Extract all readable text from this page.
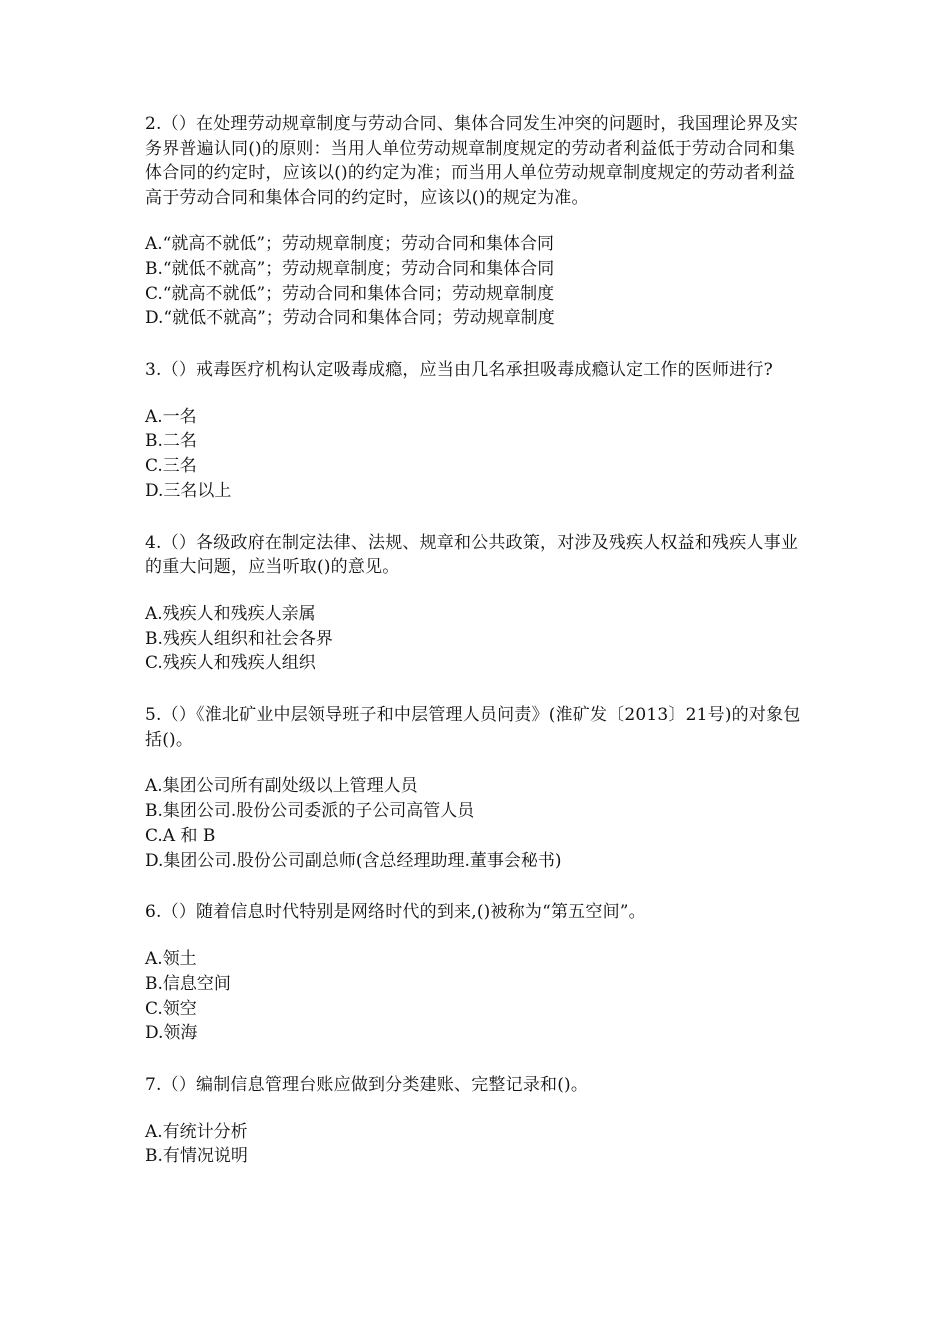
2.（）在处理劳动规章制度与劳动合同、集体合同发生冲突的问题时，我国理论界及实务界普遍认同()的原则：当用人单位劳动规章制度规定的劳动者利益低于劳动合同和集体合同的约定时，应该以()的约定为准；而当用人单位劳动规章制度规定的劳动者利益高于劳动合同和集体合同的约定时，应该以()的规定为准。

A.“就高不就低”；劳动规章制度；劳动合同和集体合同

B.“就低不就高”；劳动规章制度；劳动合同和集体合同

C.“就高不就低”；劳动合同和集体合同；劳动规章制度

D.“就低不就高”；劳动合同和集体合同；劳动规章制度

3.（）戒毒医疗机构认定吸毒成瘾，应当由几名承担吸毒成瘾认定工作的医师进行?

A.一名

B.二名

C.三名

D.三名以上

4.（）各级政府在制定法律、法规、规章和公共政策，对涉及残疾人权益和残疾人事业的重大问题，应当听取()的意见。

A.残疾人和残疾人亲属

B.残疾人组织和社会各界

C.残疾人和残疾人组织

5.（）《淮北矿业中层领导班子和中层管理人员问责》(淮矿发〔2013〕21号)的对象包括()。

A.集团公司所有副处级以上管理人员

B.集团公司.股份公司委派的子公司高管人员

C.A 和 B

D.集团公司.股份公司副总师(含总经理助理.董事会秘书)

6.（）随着信息时代特别是网络时代的到来,()被称为“第五空间”。

A.领土

B.信息空间

C.领空

D.领海

7.（）编制信息管理台账应做到分类建账、完整记录和()。

A.有统计分析

B.有情况说明
